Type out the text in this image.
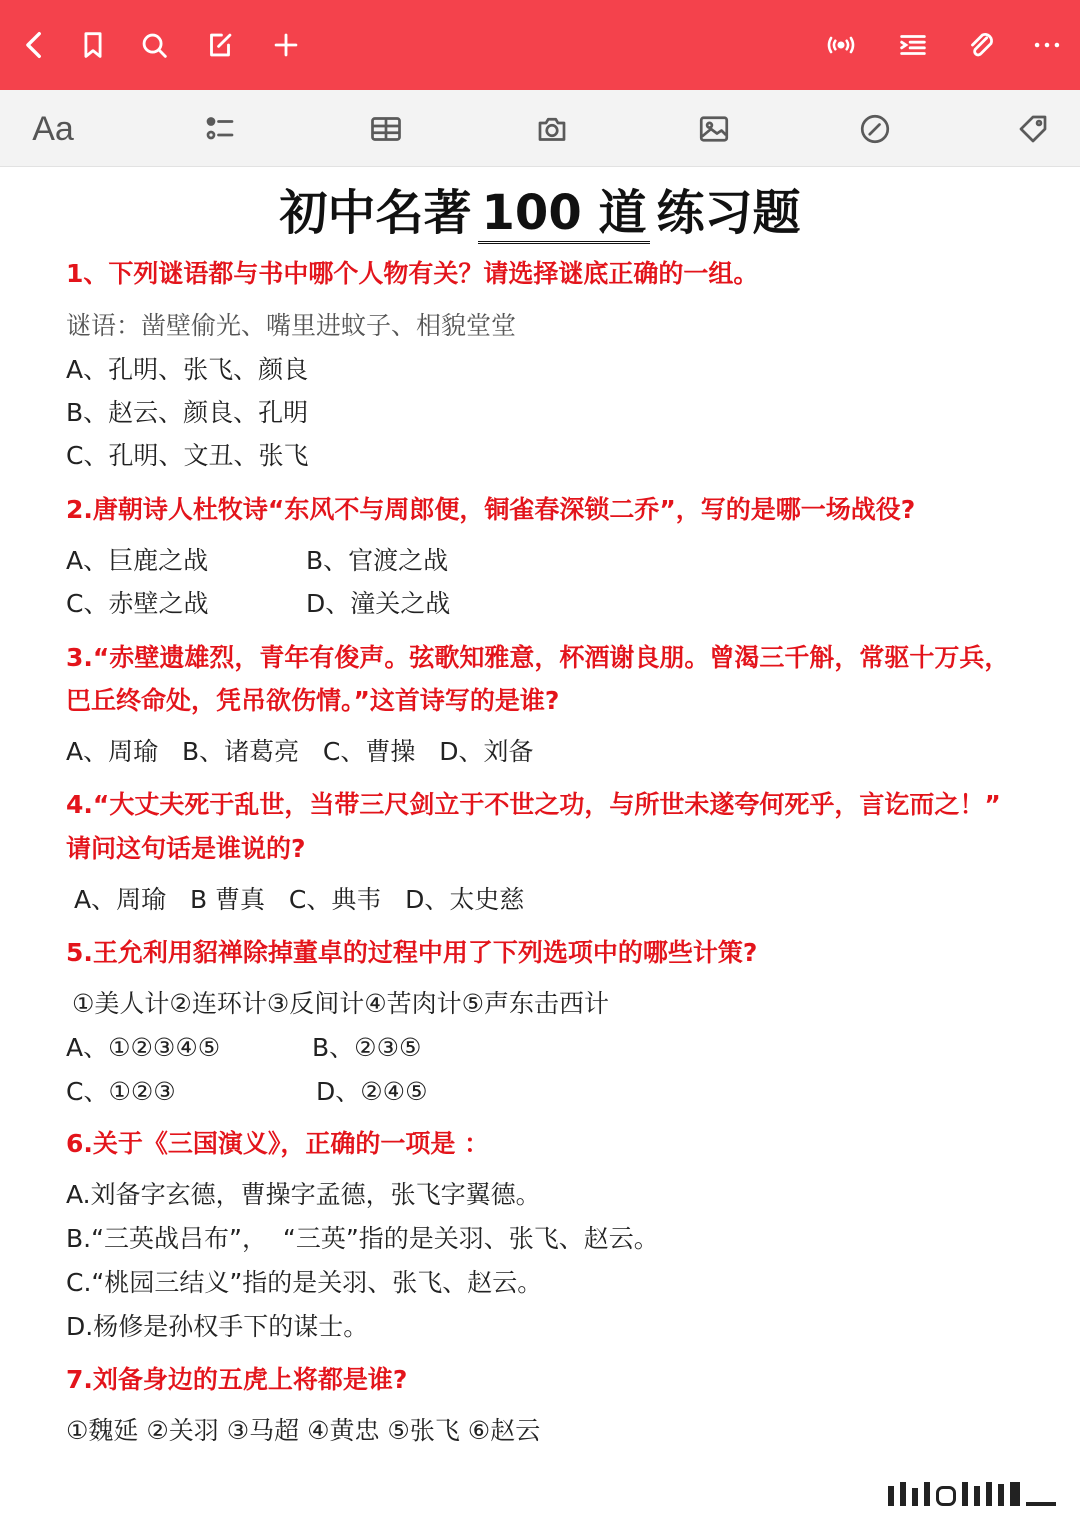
Aa
初中名著 100 道 练习题
1、下列谜语都与书中哪个人物有关？请选择谜底正确的一组。
谜语：凿壁偷光、嘴里进蚊子、相貌堂堂
A、孔明、张飞、颜良
B、赵云、颜良、孔明
C、孔明、文丑、张飞
2.唐朝诗人杜牧诗“东风不与周郎便，铜雀春深锁二乔”，写的是哪一场战役?
A、巨鹿之战	B、官渡之战
C、赤壁之战	D、潼关之战
3.“赤壁遗雄烈，青年有俊声。弦歌知雅意，杯酒谢良朋。曾渴三千斛，常驱十万兵，
巴丘终命处，凭吊欲伤情。”这首诗写的是谁?
A、周瑜   B、诸葛亮   C、曹操   D、刘备
4.“大丈夫死于乱世，当带三尺剑立于不世之功，与所世未遂夸何死乎，言讫而之！”
请问这句话是谁说的?
A、周瑜   B 曹真   C、典韦   D、太史慈
5.王允利用貂禅除掉董卓的过程中用了下列选项中的哪些计策?
①美人计②连环计③反间计④苦肉计⑤声东击西计
A、①②③④⑤	B、②③⑤
C、①②③	D、②④⑤
6.关于《三国演义》，正确的一项是 ：
A.刘备字玄德，曹操字孟德，张飞字翼德。
B.“三英战吕布”，  “三英”指的是关羽、张飞、赵云。
C.“桃园三结义”指的是关羽、张飞、赵云。
D.杨修是孙权手下的谋士。
7.刘备身边的五虎上将都是谁?
①魏延 ②关羽 ③马超 ④黄忠 ⑤张飞 ⑥赵云
